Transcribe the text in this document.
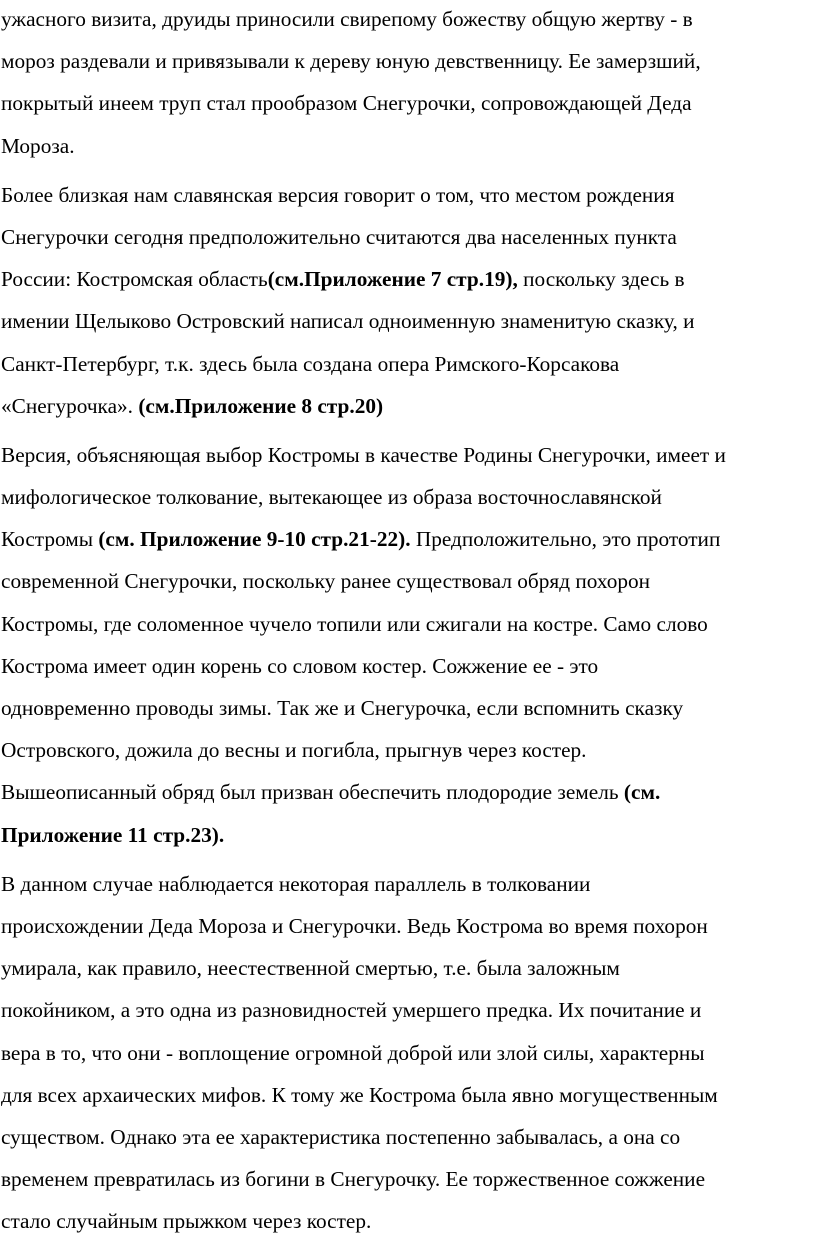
ужасного визита, друиды приносили свирепому божеству общую жертву - в
мороз раздевали и привязывали к дереву юную девственницу. Ее замерзший,
покрытый инеем труп стал прообразом Снегурочки, сопровождающей Деда
Мороза.
Более близкая нам славянская версия говорит о том, что местом рождения
Снегурочки сегодня предположительно считаются два населенных пункта
России: Костромская область(см.Приложение 7 стр.19), поскольку здесь в
имении Щелыково Островский написал одноименную знаменитую сказку, и
Санкт-Петербург, т.к. здесь была создана опера Римского-Корсакова
«Снегурочка». (см.Приложение 8 стр.20)
Версия, объясняющая выбор Костромы в качестве Родины Снегурочки, имеет и
мифологическое толкование, вытекающее из образа восточнославянской
Костромы (см. Приложение 9-10 стр.21-22). Предположительно, это прототип
современной Снегурочки, поскольку ранее существовал обряд похорон
Костромы, где соломенное чучело топили или сжигали на костре. Само слово
Кострома имеет один корень со словом костер. Сожжение ее - это
одновременно проводы зимы. Так же и Снегурочка, если вспомнить сказку
Островского, дожила до весны и погибла, прыгнув через костер.
Вышеописанный обряд был призван обеспечить плодородие земель (см.
Приложение 11 стр.23).
В данном случае наблюдается некоторая параллель в толковании
происхождении Деда Мороза и Снегурочки. Ведь Кострома во время похорон
умирала, как правило, неестественной смертью, т.е. была заложным
покойником, а это одна из разновидностей умершего предка. Их почитание и
вера в то, что они - воплощение огромной доброй или злой силы, характерны
для всех архаических мифов. К тому же Кострома была явно могущественным
существом. Однако эта ее характеристика постепенно забывалась, а она со
временем превратилась из богини в Снегурочку. Ее торжественное сожжение
стало случайным прыжком через костер.
